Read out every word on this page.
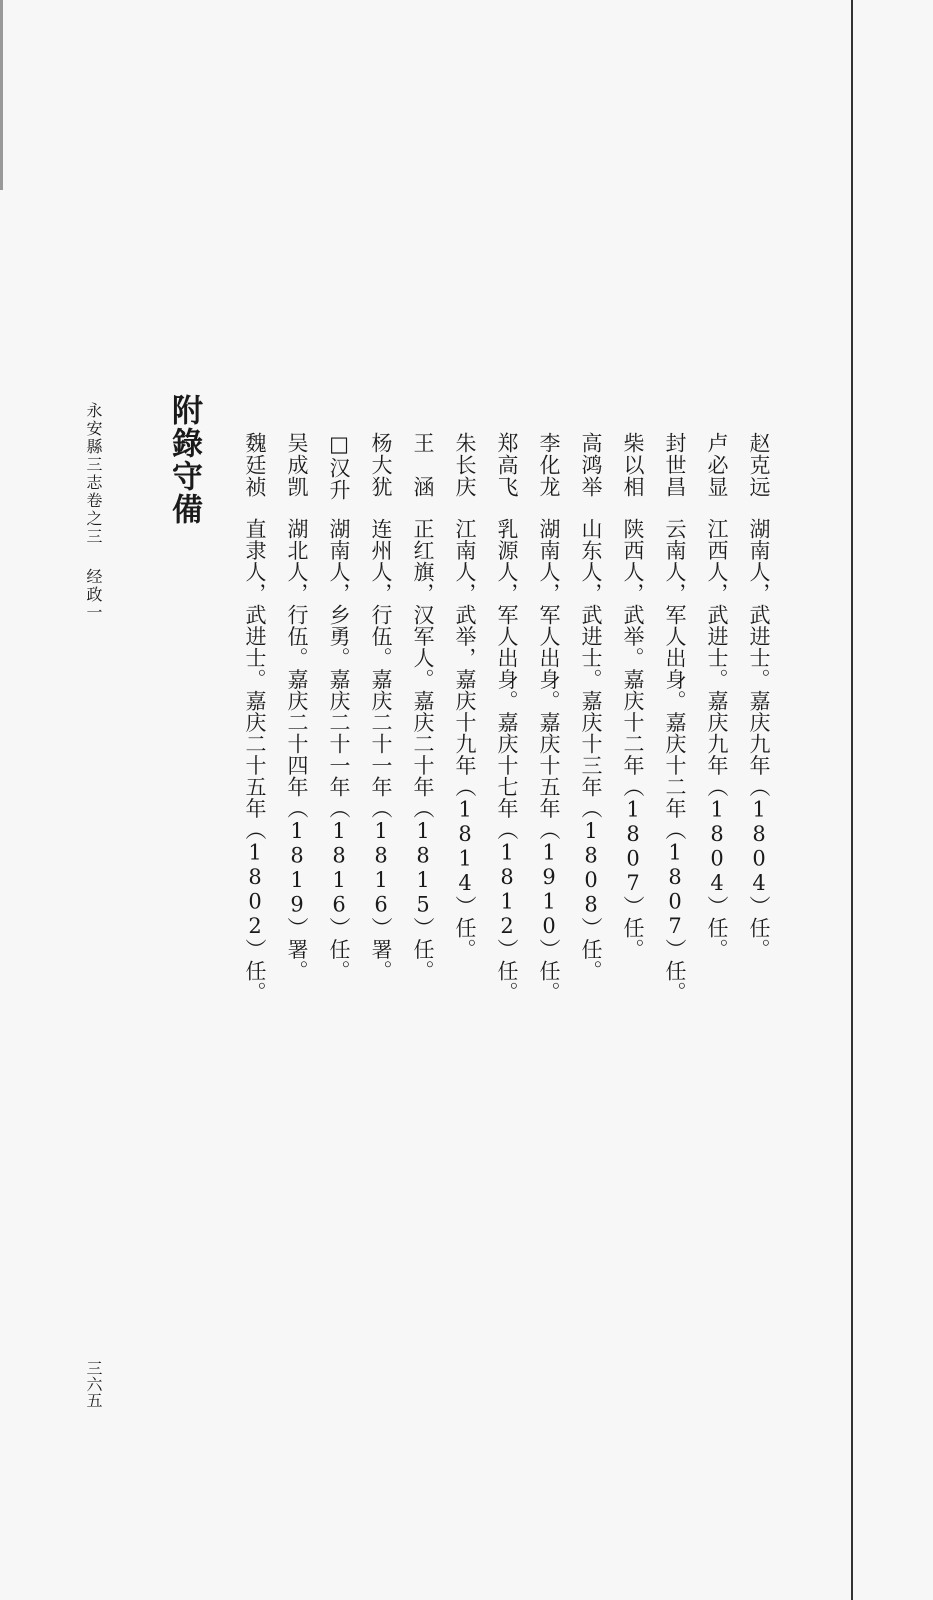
赵克远
湖南人，武进士。嘉庆九年（1804）任。
卢必显
江西人，武进士。嘉庆九年（1804）任。
封世昌
云南人，军人出身。嘉庆十二年（1807）任。
柴以相
陕西人，武举。嘉庆十二年（1807）任。
高鸿举
山东人，武进士。嘉庆十三年（1808）任。
李化龙
湖南人，军人出身。嘉庆十五年（1910）任。
郑高飞
乳源人，军人出身。嘉庆十七年（1812）任。
朱长庆
江南人，武举，嘉庆十九年（1814）任。
王　涵
正红旗，汉军人。嘉庆二十年（1815）任。
杨大犹
连州人，行伍。嘉庆二十一年（1816）署。
□汉升
湖南人，乡勇。嘉庆二十一年（1816）任。
吴成凯
湖北人，行伍。嘉庆二十四年（1819）署。
魏廷祯
直隶人，武进士。嘉庆二十五年（1802）任。
附錄守備
永安縣三志卷之三经政一
三六五
